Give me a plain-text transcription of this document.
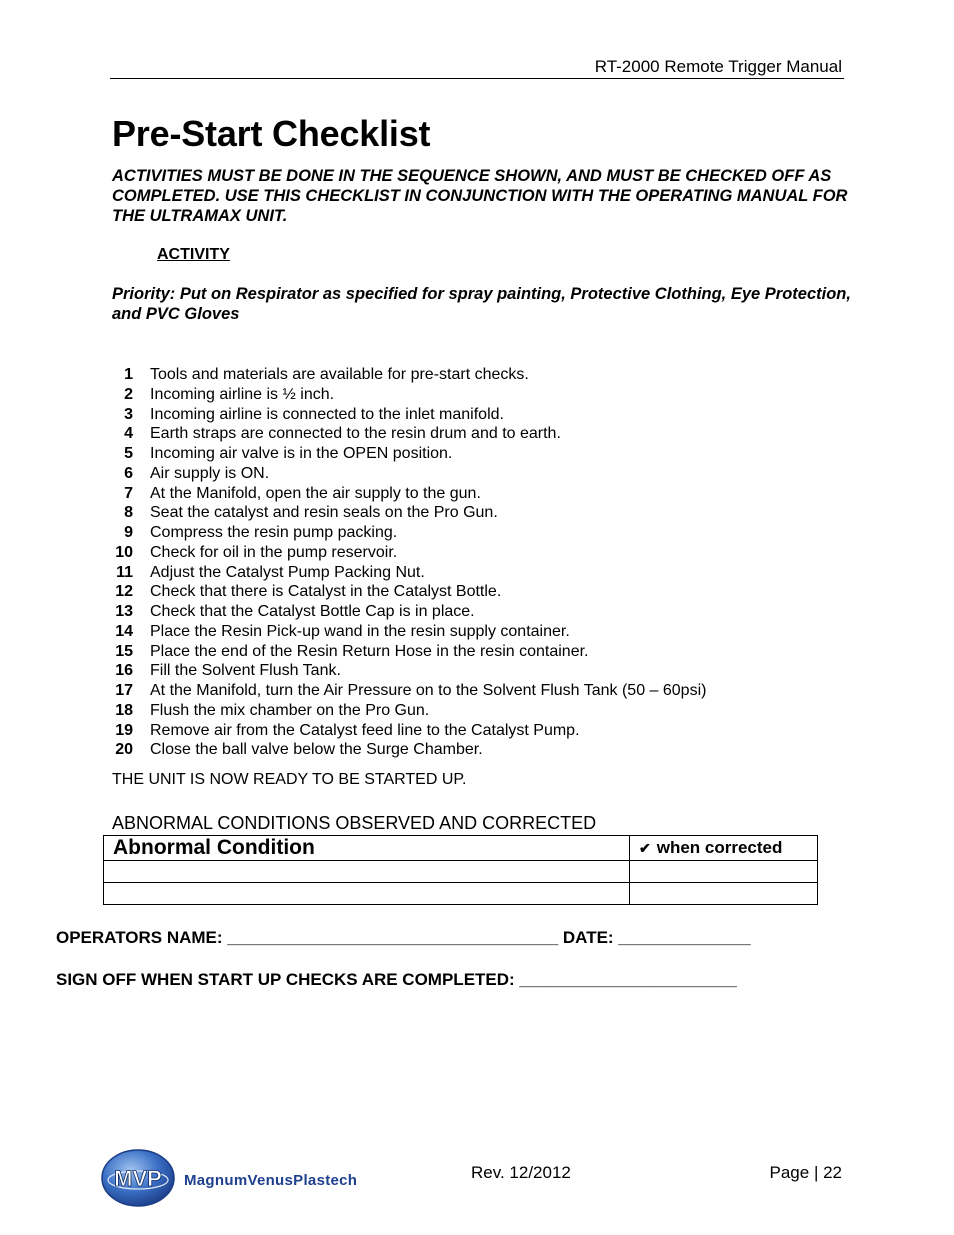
RT-2000 Remote Trigger Manual
Pre-Start Checklist
ACTIVITIES MUST BE DONE IN THE SEQUENCE SHOWN, AND MUST BE CHECKED OFF AS COMPLETED. USE THIS CHECKLIST IN CONJUNCTION WITH THE OPERATING MANUAL FOR THE ULTRAMAX UNIT.
ACTIVITY
Priority: Put on Respirator as specified for spray painting, Protective Clothing, Eye Protection, and PVC Gloves
1 Tools and materials are available for pre-start checks.
2 Incoming airline is ½ inch.
3 Incoming airline is connected to the inlet manifold.
4 Earth straps are connected to the resin drum and to earth.
5 Incoming air valve is in the OPEN position.
6 Air supply is ON.
7 At the Manifold, open the air supply to the gun.
8 Seat the catalyst and resin seals on the Pro Gun.
9 Compress the resin pump packing.
10 Check for oil in the pump reservoir.
11 Adjust the Catalyst Pump Packing Nut.
12 Check that there is Catalyst in the Catalyst Bottle.
13 Check that the Catalyst Bottle Cap is in place.
14 Place the Resin Pick-up wand in the resin supply container.
15 Place the end of the Resin Return Hose in the resin container.
16 Fill the Solvent Flush Tank.
17 At the Manifold, turn the Air Pressure on to the Solvent Flush Tank (50 – 60psi)
18 Flush the mix chamber on the Pro Gun.
19 Remove air from the Catalyst feed line to the Catalyst Pump.
20 Close the ball valve below the Surge Chamber.
THE UNIT IS NOW READY TO BE STARTED UP.
ABNORMAL CONDITIONS OBSERVED AND CORRECTED
Abnormal Condition	✔ when corrected

OPERATORS NAME: ___________________________________ DATE: ______________
SIGN OFF WHEN START UP CHECKS ARE COMPLETED: _______________________
MVP MagnumVenusPlastech	Rev. 12/2012	Page | 22
